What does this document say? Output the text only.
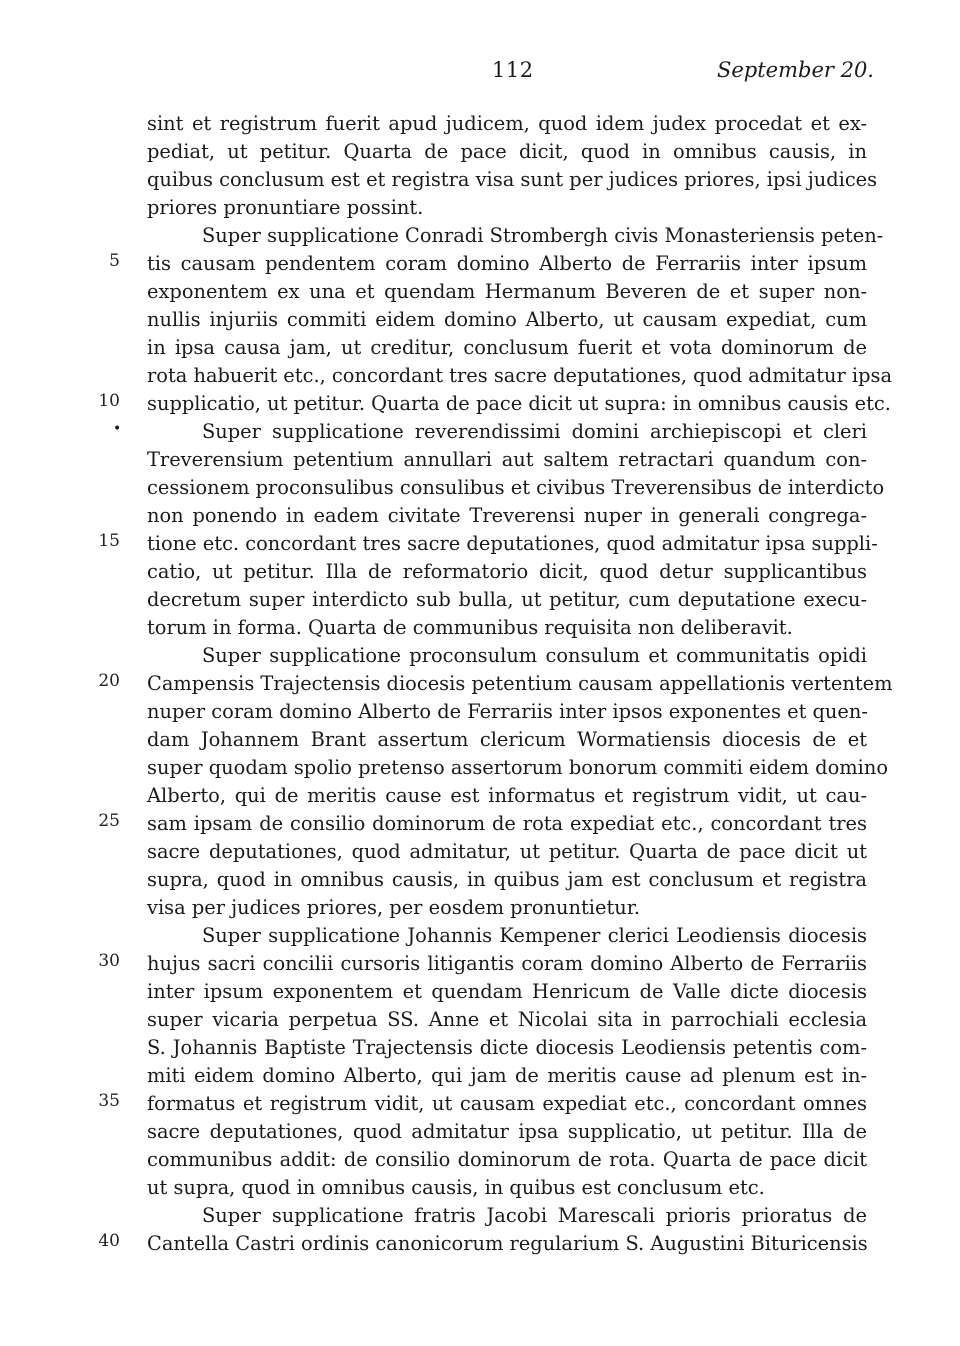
112	September 20.
5
10
•
15
20
25
30
35
40
sint et registrum fuerit apud judicem, quod idem judex procedat et ex-
pediat, ut petitur. Quarta de pace dicit, quod in omnibus causis, in
quibus conclusum est et registra visa sunt per judices priores, ipsi judices
priores pronuntiare possint.
Super supplicatione Conradi Strombergh civis Monasteriensis peten-
tis causam pendentem coram domino Alberto de Ferrariis inter ipsum
exponentem ex una et quendam Hermanum Beveren de et super non-
nullis injuriis commiti eidem domino Alberto, ut causam expediat, cum
in ipsa causa jam, ut creditur, conclusum fuerit et vota dominorum de
rota habuerit etc., concordant tres sacre deputationes, quod admitatur ipsa
supplicatio, ut petitur. Quarta de pace dicit ut supra: in omnibus causis etc.
Super supplicatione reverendissimi domini archiepiscopi et cleri
Treverensium petentium annullari aut saltem retractari quandum con-
cessionem proconsulibus consulibus et civibus Treverensibus de interdicto
non ponendo in eadem civitate Treverensi nuper in generali congrega-
tione etc. concordant tres sacre deputationes, quod admitatur ipsa suppli-
catio, ut petitur. Illa de reformatorio dicit, quod detur supplicantibus
decretum super interdicto sub bulla, ut petitur, cum deputatione execu-
torum in forma. Quarta de communibus requisita non deliberavit.
Super supplicatione proconsulum consulum et communitatis opidi
Campensis Trajectensis diocesis petentium causam appellationis vertentem
nuper coram domino Alberto de Ferrariis inter ipsos exponentes et quen-
dam Johannem Brant assertum clericum Wormatiensis diocesis de et
super quodam spolio pretenso assertorum bonorum commiti eidem domino
Alberto, qui de meritis cause est informatus et registrum vidit, ut cau-
sam ipsam de consilio dominorum de rota expediat etc., concordant tres
sacre deputationes, quod admitatur, ut petitur. Quarta de pace dicit ut
supra, quod in omnibus causis, in quibus jam est conclusum et registra
visa per judices priores, per eosdem pronuntietur.
Super supplicatione Johannis Kempener clerici Leodiensis diocesis
hujus sacri concilii cursoris litigantis coram domino Alberto de Ferrariis
inter ipsum exponentem et quendam Henricum de Valle dicte diocesis
super vicaria perpetua SS. Anne et Nicolai sita in parrochiali ecclesia
S. Johannis Baptiste Trajectensis dicte diocesis Leodiensis petentis com-
miti eidem domino Alberto, qui jam de meritis cause ad plenum est in-
formatus et registrum vidit, ut causam expediat etc., concordant omnes
sacre deputationes, quod admitatur ipsa supplicatio, ut petitur. Illa de
communibus addit: de consilio dominorum de rota. Quarta de pace dicit
ut supra, quod in omnibus causis, in quibus est conclusum etc.
Super supplicatione fratris Jacobi Marescali prioris prioratus de
Cantella Castri ordinis canonicorum regularium S. Augustini Bituricensis
